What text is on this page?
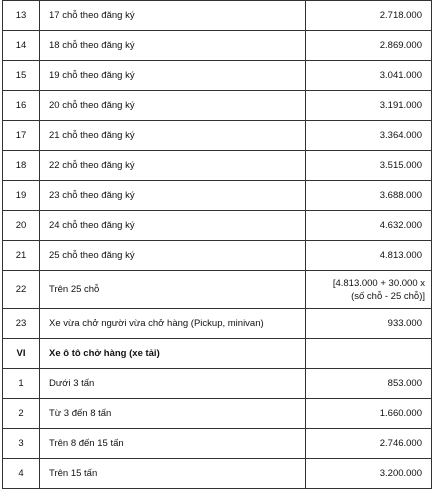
13	17 chỗ theo đăng ký	2.718.000
14	18 chỗ theo đăng ký	2.869.000
15	19 chỗ theo đăng ký	3.041.000
16	20 chỗ theo đăng ký	3.191.000
17	21 chỗ theo đăng ký	3.364.000
18	22 chỗ theo đăng ký	3.515.000
19	23 chỗ theo đăng ký	3.688.000
20	24 chỗ theo đăng ký	4.632.000
21	25 chỗ theo đăng ký	4.813.000
22	Trên 25 chỗ	[4.813.000 + 30.000 x
(số chỗ - 25 chỗ)]

23	Xe vừa chở người vừa chở hàng (Pickup, minivan)	933.000
VI	Xe ô tô chở hàng (xe tải)	
1	Dưới 3 tấn	853.000
2	Từ 3 đến 8 tấn	1.660.000
3	Trên 8 đến 15 tấn	2.746.000
4	Trên 15 tấn	3.200.000
